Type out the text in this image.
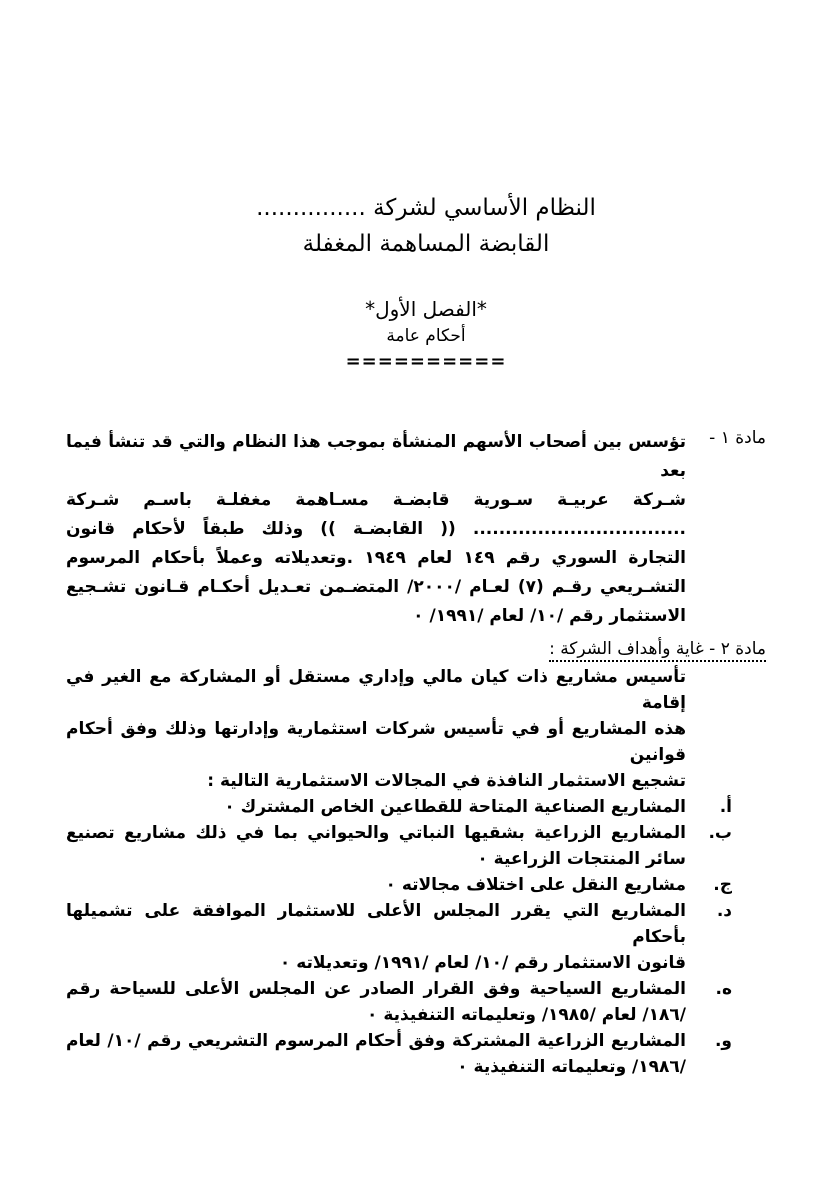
النظام الأساسي لشركة ...............
القابضة المساهمة المغفلة
*الفصل الأول*
أحكام عامة
==========
مادة ١ -
تؤسس بين أصحاب الأسهم المنشأة بموجب هذا النظام والتي قد تنشأ فيما بعد
شـركة عربيـة سـورية قابضـة مسـاهمة مغفلـة باسـم شـركة
................................. (( القابضـة )) وذلك طبقاً لأحكام قانون
التجارة السوري رقم ١٤٩ لعام ١٩٤٩ .وتعديلاته وعملاً بأحكام المرسوم
التشـريعي رقـم (٧) لعـام /٢٠٠٠/ المتضـمن تعـديل أحكـام قـانون تشـجيع
الاستثمار رقم /١٠/ لعام /١٩٩١/ ٠
مادة ٢ - غاية وأهداف الشركة :
تأسيس مشاريع ذات كيان مالي وإداري مستقل أو المشاركة مع الغير في إقامة
هذه المشاريع أو في تأسيس شركات استثمارية وإدارتها وذلك وفق أحكام قوانين
تشجيع الاستثمار النافذة في المجالات الاستثمارية التالية :
أ.
المشاريع الصناعية المتاحة للقطاعين الخاص المشترك ٠
ب.
المشاريع الزراعية بشقيها النباتي والحيواني بما في ذلك مشاريع تصنيع
سائر المنتجات الزراعية ٠
ج.
مشاريع النقل على اختلاف مجالاته ٠
د.
المشاريع التي يقرر المجلس الأعلى للاستثمار الموافقة على تشميلها بأحكام
قانون الاستثمار رقم /١٠/ لعام /١٩٩١/ وتعديلاته ٠
ه.
المشاريع السياحية وفق القرار الصادر عن المجلس الأعلى للسياحة رقم
/١٨٦/ لعام /١٩٨٥/ وتعليماته التنفيذية ٠
و.
المشاريع الزراعية المشتركة وفق أحكام المرسوم التشريعي رقم /١٠/ لعام
/١٩٨٦/ وتعليماته التنفيذية ٠
